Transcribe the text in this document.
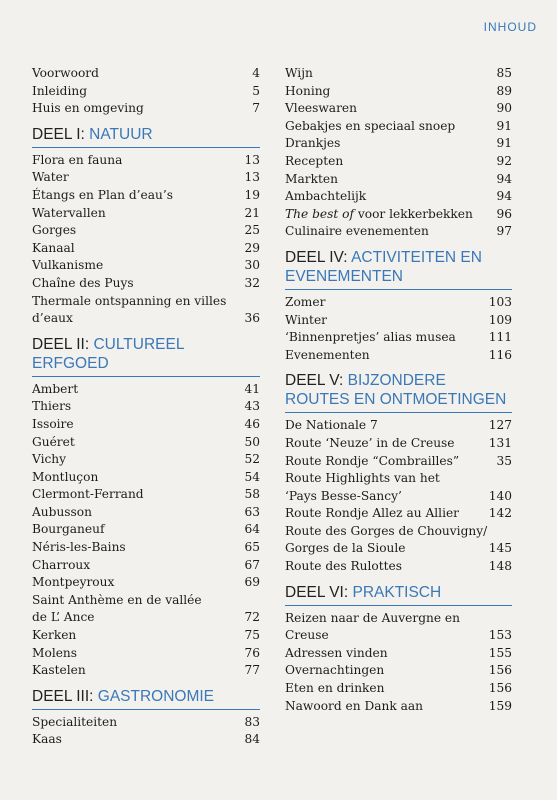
INHOUD
Voorwoord	4
Inleiding	5
Huis en omgeving	7
DEEL I: NATUUR
Flora en fauna	13
Water	13
Étangs en Plan d’eau’s	19
Watervallen	21
Gorges	25
Kanaal	29
Vulkanisme	30
Chaîne des Puys	32
Thermale ontspanning en villes
d’eaux	36
DEEL II: CULTUREEL ERFGOED
Ambert	41
Thiers	43
Issoire	46
Guéret	50
Vichy	52
Montluçon	54
Clermont-Ferrand	58
Aubusson	63
Bourganeuf	64
Néris-les-Bains	65
Charroux	67
Montpeyroux	69
Saint Anthème en de vallée
de L’ Ance	72
Kerken	75
Molens	76
Kastelen	77
DEEL III: GASTRONOMIE
Specialiteiten	83
Kaas	84
Wijn	85
Honing	89
Vleeswaren	90
Gebakjes en speciaal snoep	91
Drankjes	91
Recepten	92
Markten	94
Ambachtelijk	94
The best of voor lekkerbekken	96
Culinaire evenementen	97
DEEL IV: ACTIVITEITEN EN EVENEMENTEN
Zomer	103
Winter	109
‘Binnenpretjes’ alias musea	111
Evenementen	116
DEEL V: BIJZONDERE ROUTES EN ONTMOETINGEN
De Nationale 7	127
Route ‘Neuze’ in de Creuse	131
Route Rondje “Combrailles”	35
Route Highlights van het
‘Pays Besse-Sancy’	140
Route Rondje Allez au Allier	142
Route des Gorges de Chouvigny/
Gorges de la Sioule	145
Route des Rulottes	148
DEEL VI: PRAKTISCH
Reizen naar de Auvergne en Creuse	153
Adressen vinden	155
Overnachtingen	156
Eten en drinken	156
Nawoord en Dank aan	159
